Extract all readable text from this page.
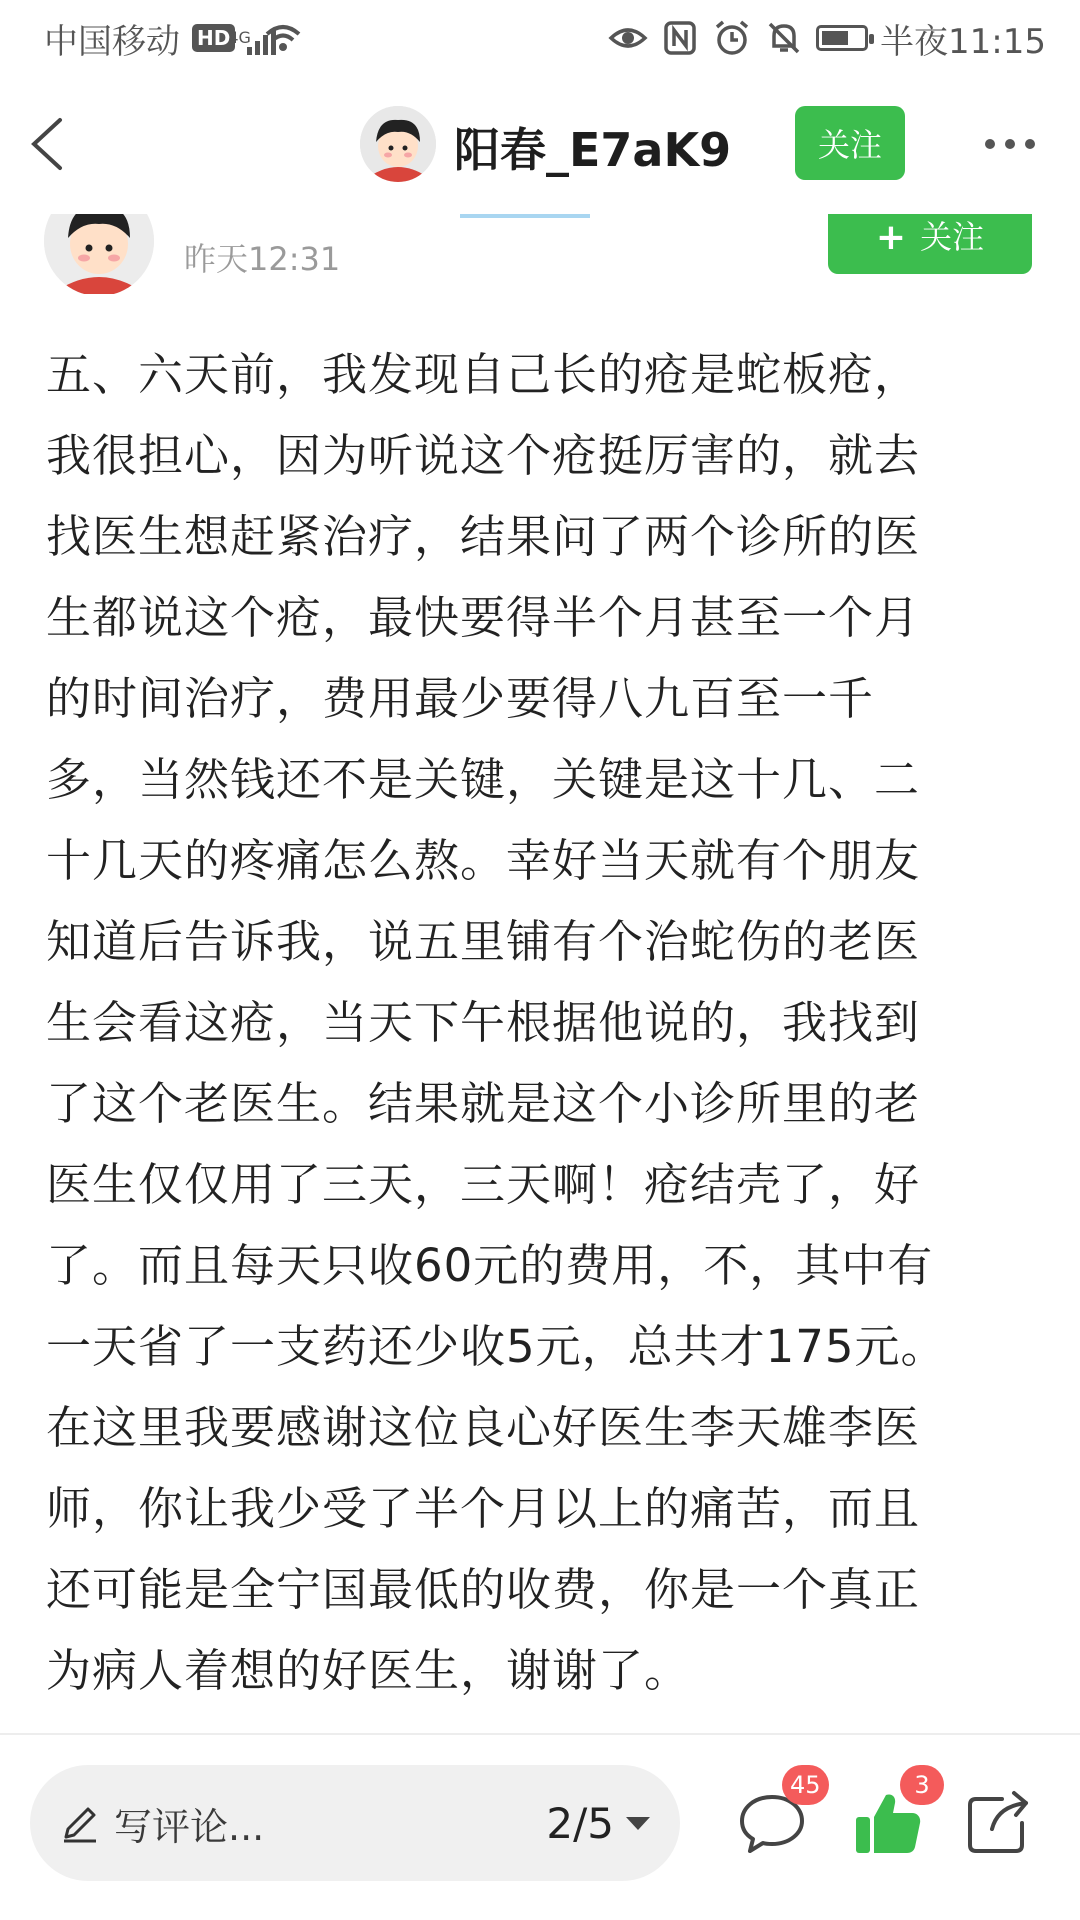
中国移动 HD
4G	半夜11:15
阳春_E7aK9	关注
昨天12:31
+ 关注
五、六天前，我发现自己长的疮是蛇板疮，
我很担心，因为听说这个疮挺厉害的，就去
找医生想赶紧治疗，结果问了两个诊所的医
生都说这个疮，最快要得半个月甚至一个月
的时间治疗，费用最少要得八九百至一千
多，当然钱还不是关键，关键是这十几、二
十几天的疼痛怎么熬。幸好当天就有个朋友
知道后告诉我，说五里铺有个治蛇伤的老医
生会看这疮，当天下午根据他说的，我找到
了这个老医生。结果就是这个小诊所里的老
医生仅仅用了三天，三天啊！疮结壳了，好
了。而且每天只收60元的费用，不，其中有
一天省了一支药还少收5元，总共才175元。
在这里我要感谢这位良心好医生李天雄李医
师，你让我少受了半个月以上的痛苦，而且
还可能是全宁国最低的收费，你是一个真正
为病人着想的好医生，谢谢了。
写评论...	2/5
45	3
